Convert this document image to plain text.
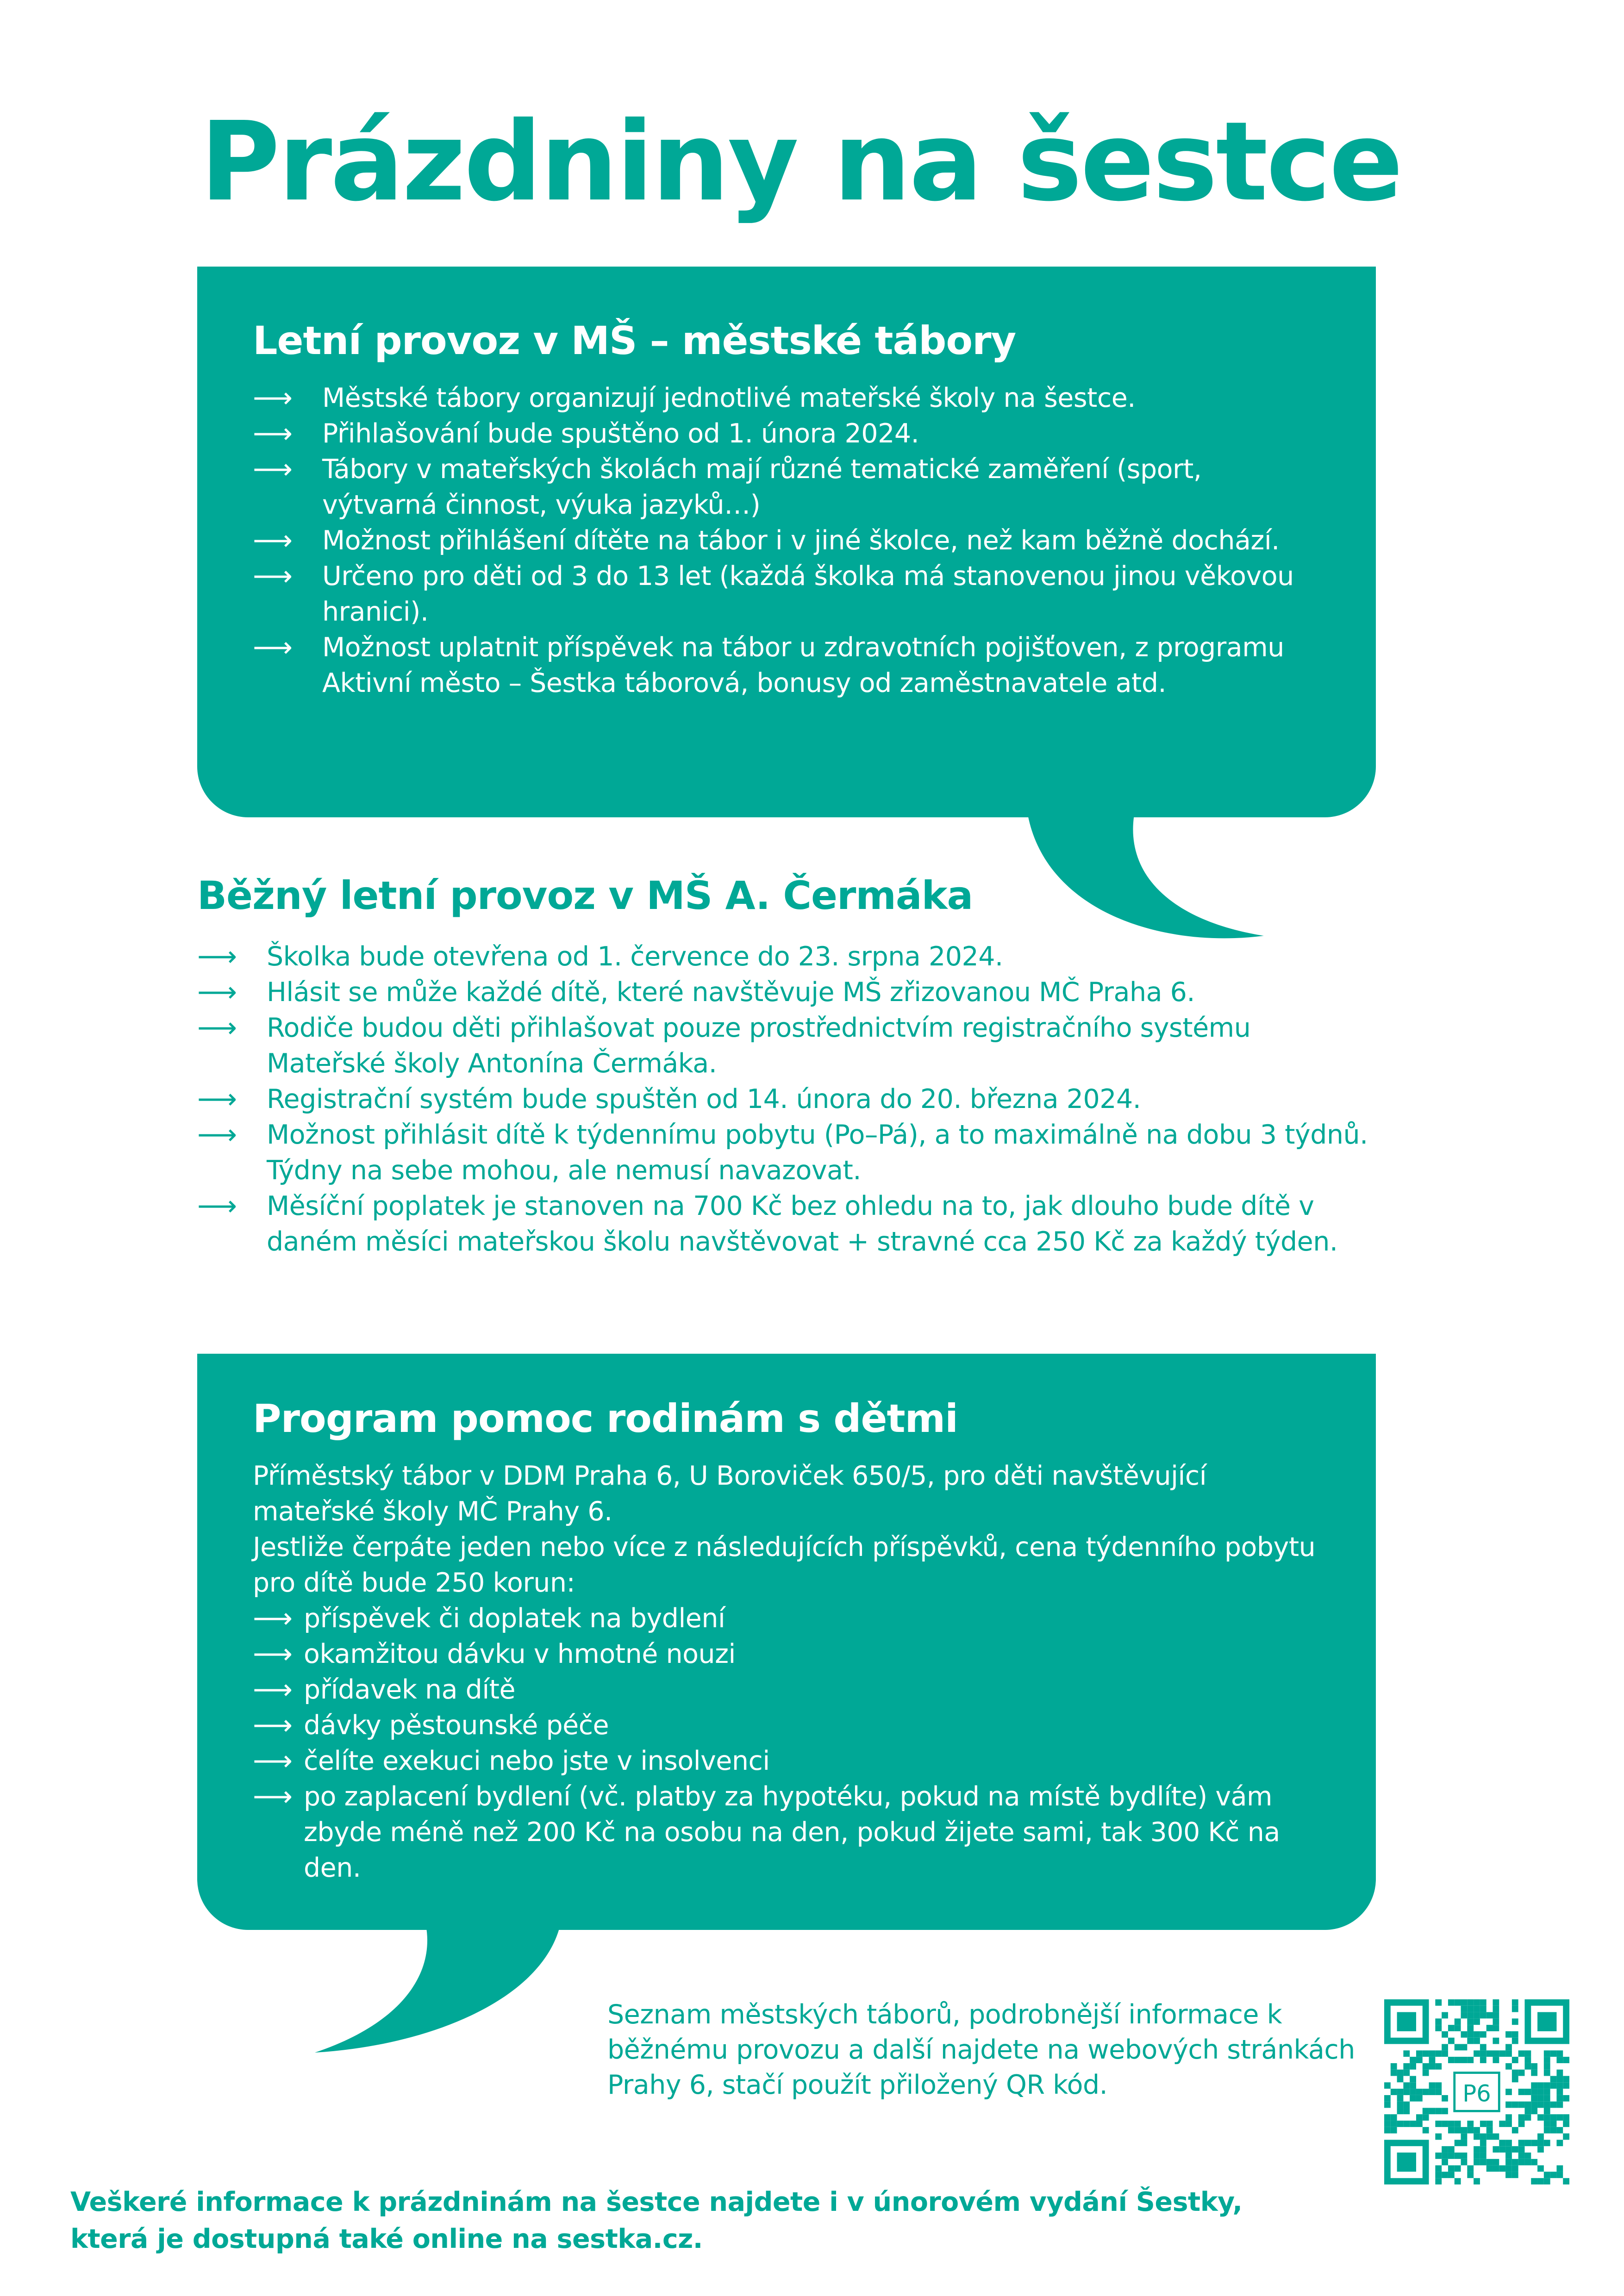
Prázdniny na šestce
Letní provoz v MŠ – městské tábory
⟶	Městské tábory organizují jednotlivé mateřské školy na šestce.
⟶	Přihlašování bude spuštěno od 1. února 2024.
⟶	Tábory v mateřských školách mají různé tematické zaměření (sport, výtvarná činnost, výuka jazyků…)
⟶	Možnost přihlášení dítěte na tábor i v jiné školce, než kam běžně dochází.
⟶	Určeno pro děti od 3 do 13 let (každá školka má stanovenou jinou věkovou hranici).
⟶	Možnost uplatnit příspěvek na tábor u zdravotních pojišťoven, z programu Aktivní město – Šestka táborová, bonusy od zaměstnavatele atd.
Běžný letní provoz v MŠ A. Čermáka
⟶	Školka bude otevřena od 1. července do 23. srpna 2024.
⟶	Hlásit se může každé dítě, které navštěvuje MŠ zřizovanou MČ Praha 6.
⟶	Rodiče budou děti přihlašovat pouze prostřednictvím registračního systému Mateřské školy Antonína Čermáka.
⟶	Registrační systém bude spuštěn od 14. února do 20. března 2024.
⟶	Možnost přihlásit dítě k týdennímu pobytu (Po–Pá), a to maximálně na dobu 3 týdnů. Týdny na sebe mohou, ale nemusí navazovat.
⟶	Měsíční poplatek je stanoven na 700 Kč bez ohledu na to, jak dlouho bude dítě v daném měsíci mateřskou školu navštěvovat + stravné cca 250 Kč za každý týden.
Program pomoc rodinám s dětmi

Příměstský tábor v DDM Praha 6, U Boroviček 650/5, pro děti navštěvující mateřské školy MČ Prahy 6.

Jestliže čerpáte jeden nebo více z následujících příspěvků, cena týdenního pobytu pro dítě bude 250 korun:

⟶ příspěvek či doplatek na bydlení
⟶ okamžitou dávku v hmotné nouzi
⟶ přídavek na dítě
⟶ dávky pěstounské péče
⟶ čelíte exekuci nebo jste v insolvenci
⟶ po zaplacení bydlení (vč. platby za hypotéku, pokud na místě bydlíte) vám zbyde méně než 200 Kč na osobu na den, pokud žijete sami, tak 300 Kč na den.
Seznam městských táborů, podrobnější informace k běžnému provozu a další najdete na webových stránkách Prahy 6, stačí použít přiložený QR kód.	P6
Veškeré informace k prázdninám na šestce najdete i v únorovém vydání Šestky, která je dostupná také online na sestka.cz.
